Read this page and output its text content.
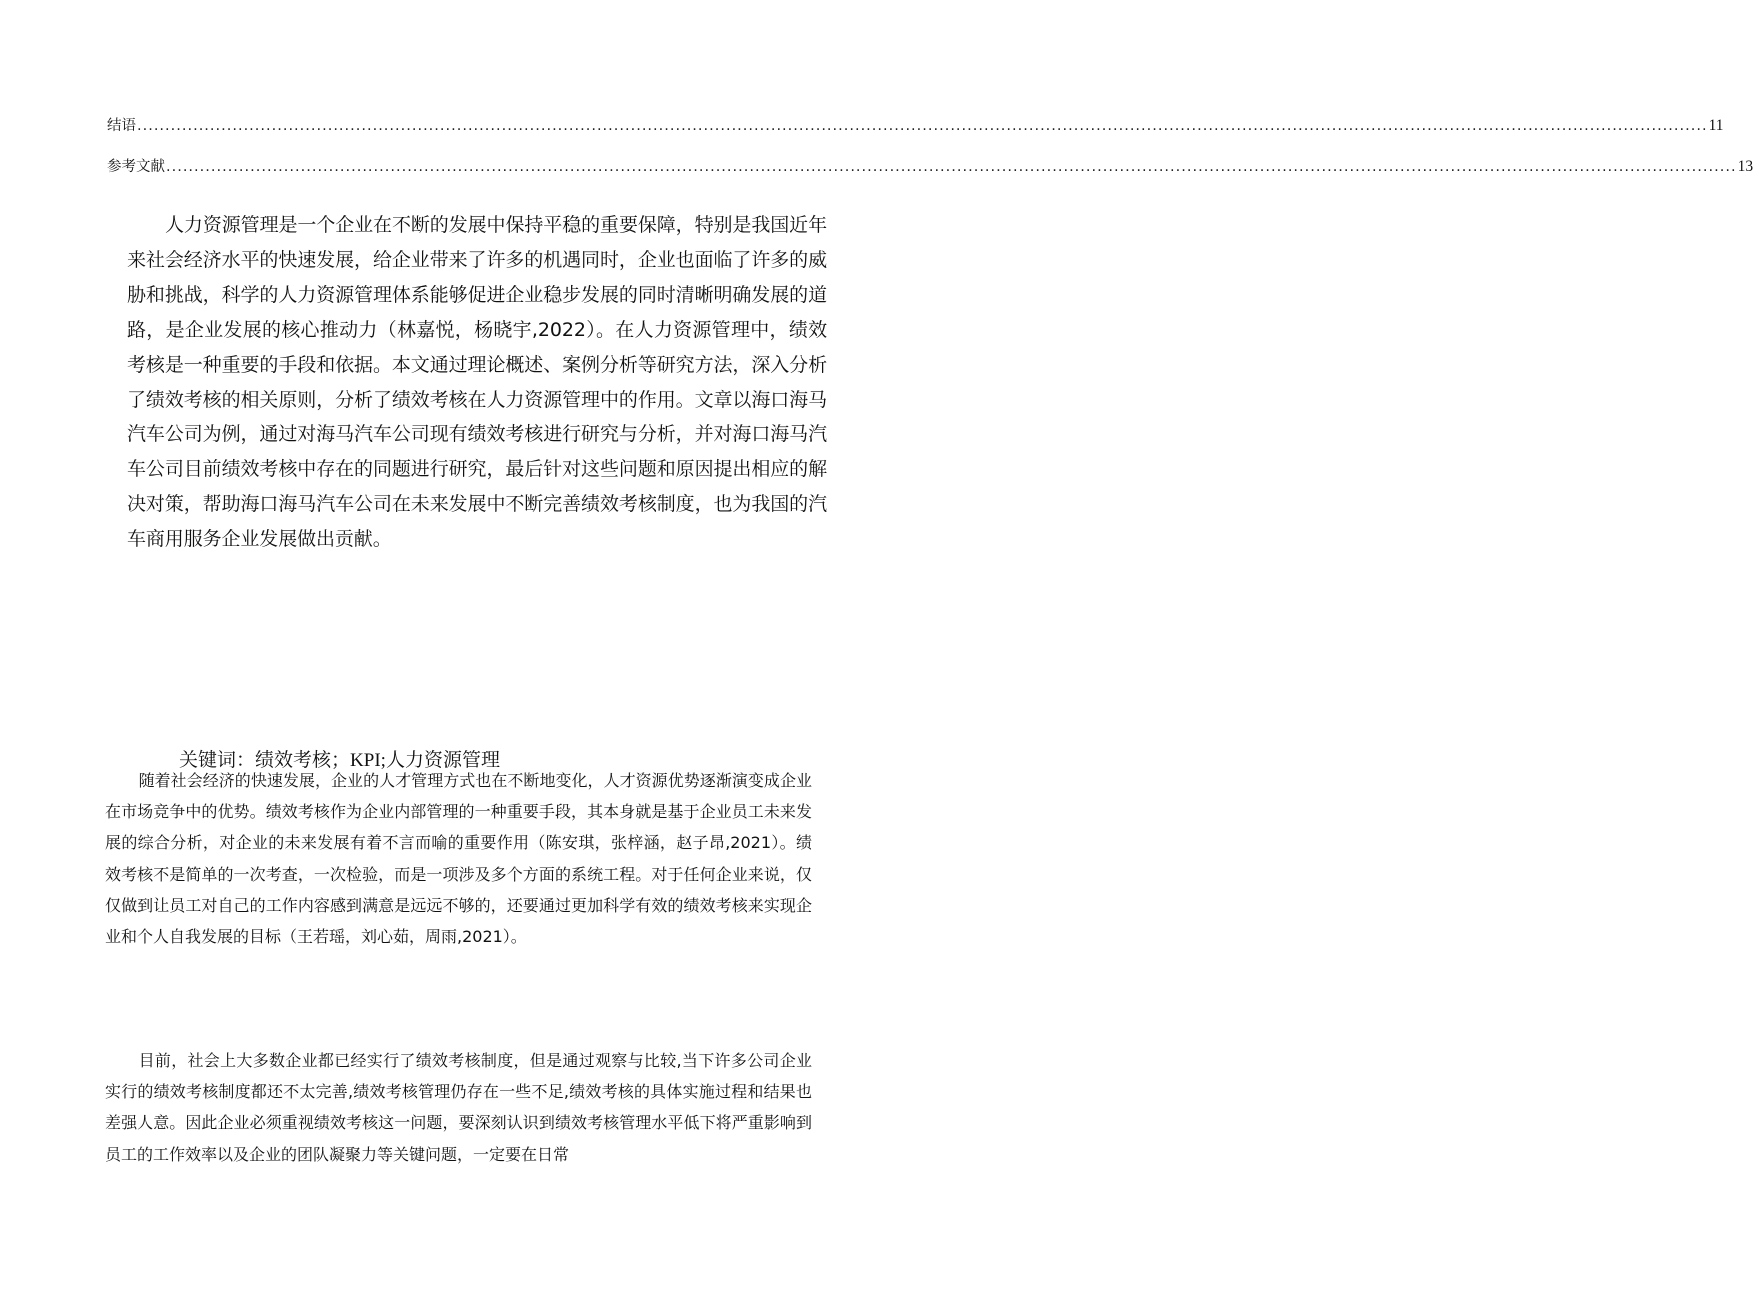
结语 ........................................................................................................................................................................................................................................................................................ 11
参考文献 ........................................................................................................................................................................................................................................................................................ 13

人力资源管理是一个企业在不断的发展中保持平稳的重要保障，特别是我国近年来社会经济水平的快速发展，给企业带来了许多的机遇同时，企业也面临了许多的威胁和挑战，科学的人力资源管理体系能够促进企业稳步发展的同时清晰明确发展的道路，是企业发展的核心推动力（林嘉悦，杨晓宇,2022）。在人力资源管理中，绩效考核是一种重要的手段和依据。本文通过理论概述、案例分析等研究方法，深入分析了绩效考核的相关原则，分析了绩效考核在人力资源管理中的作用。文章以海口海马汽车公司为例，通过对海马汽车公司现有绩效考核进行研究与分析，并对海口海马汽车公司目前绩效考核中存在的同题进行研究，最后针对这些问题和原因提出相应的解决对策，帮助海口海马汽车公司在未来发展中不断完善绩效考核制度，也为我国的汽车商用服务企业发展做出贡献。

关键词：绩效考核；KPI;人力资源管理

随着社会经济的快速发展，企业的人才管理方式也在不断地变化，人才资源优势逐渐演变成企业在市场竞争中的优势。绩效考核作为企业内部管理的一种重要手段，其本身就是基于企业员工未来发展的综合分析，对企业的未来发展有着不言而喻的重要作用（陈安琪，张梓涵，赵子昂,2021）。绩效考核不是简单的一次考查，一次检验，而是一项涉及多个方面的系统工程。对于任何企业来说，仅仅做到让员工对自己的工作内容感到满意是远远不够的，还要通过更加科学有效的绩效考核来实现企业和个人自我发展的目标（王若瑶，刘心茹，周雨,2021）。

目前，社会上大多数企业都已经实行了绩效考核制度，但是通过观察与比较,当下许多公司企业实行的绩效考核制度都还不太完善,绩效考核管理仍存在一些不足,绩效考核的具体实施过程和结果也差强人意。因此企业必须重视绩效考核这一问题，要深刻认识到绩效考核管理水平低下将严重影响到员工的工作效率以及企业的团队凝聚力等关键问题，一定要在日常
